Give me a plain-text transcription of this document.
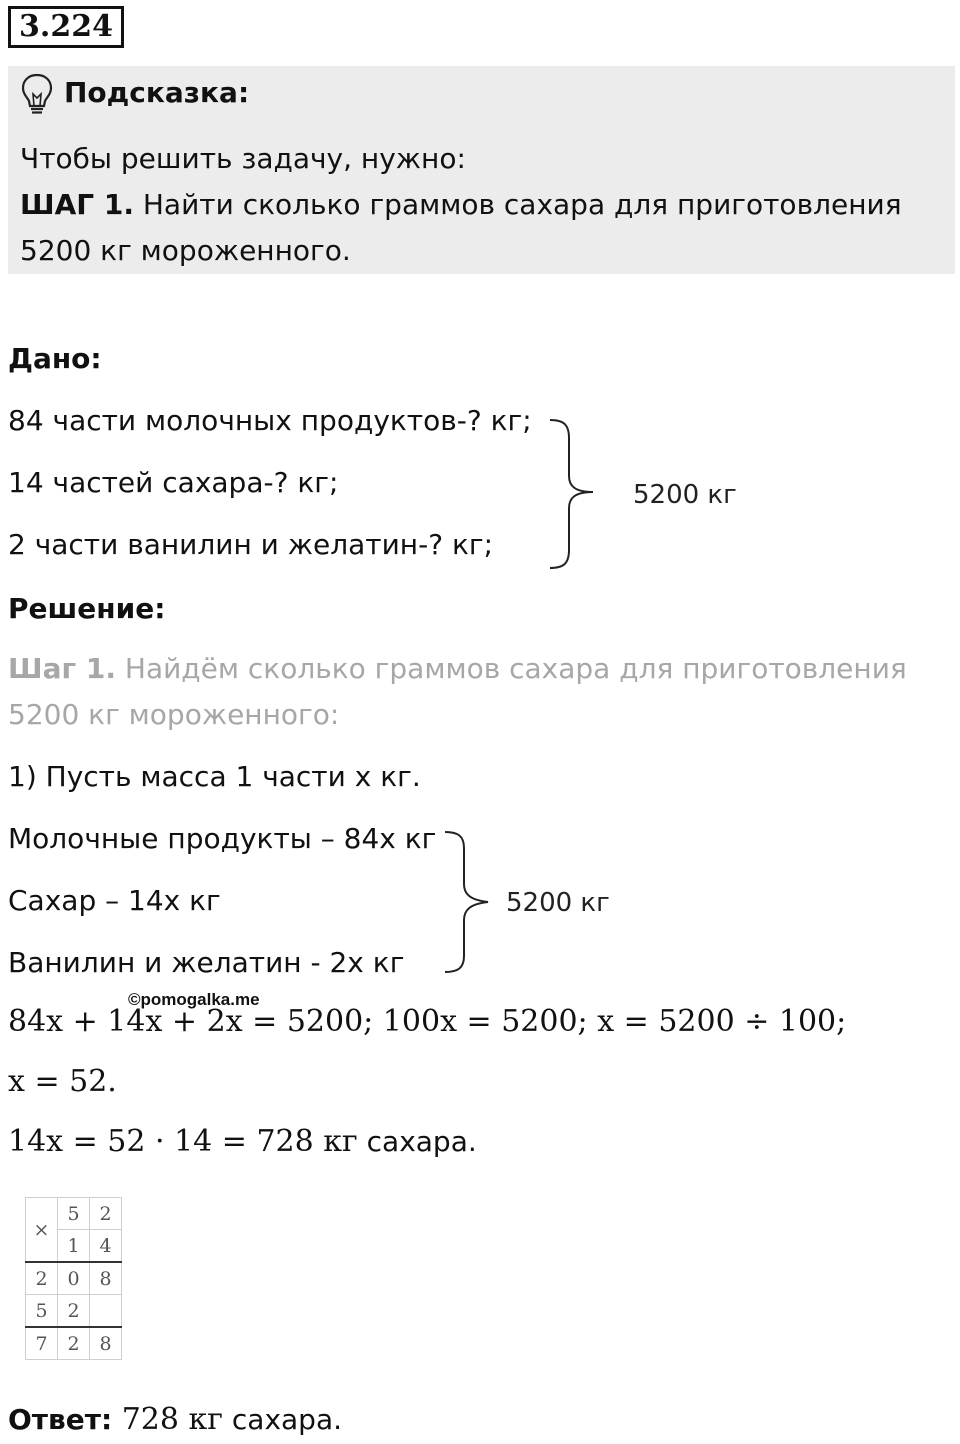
3.224
Подсказка:
Чтобы решить задачу, нужно:
ШАГ 1. Найти сколько граммов сахара для приготовления
5200 кг мороженного.
Дано:
84 части молочных продуктов-? кг;
14 частей сахара-? кг;
2 части ванилин и желатин-? кг;
5200 кг
Решение:
Шаг 1. Найдём сколько граммов сахара для приготовления
5200 кг мороженного:
1) Пусть масса 1 части х кг.
Молочные продукты – 84х кг
Сахар – 14х кг
Ванилин и желатин - 2х кг
5200 кг
©pomogalka.me
84x + 14x + 2x = 5200; 100x = 5200; x = 5200 ÷ 100;
x = 52.
14x = 52 · 14 = 728 кг сахара.
×	5	2
	1	4
2	0	8
5	2	
7	2	8
Ответ: 728 кг сахара.
